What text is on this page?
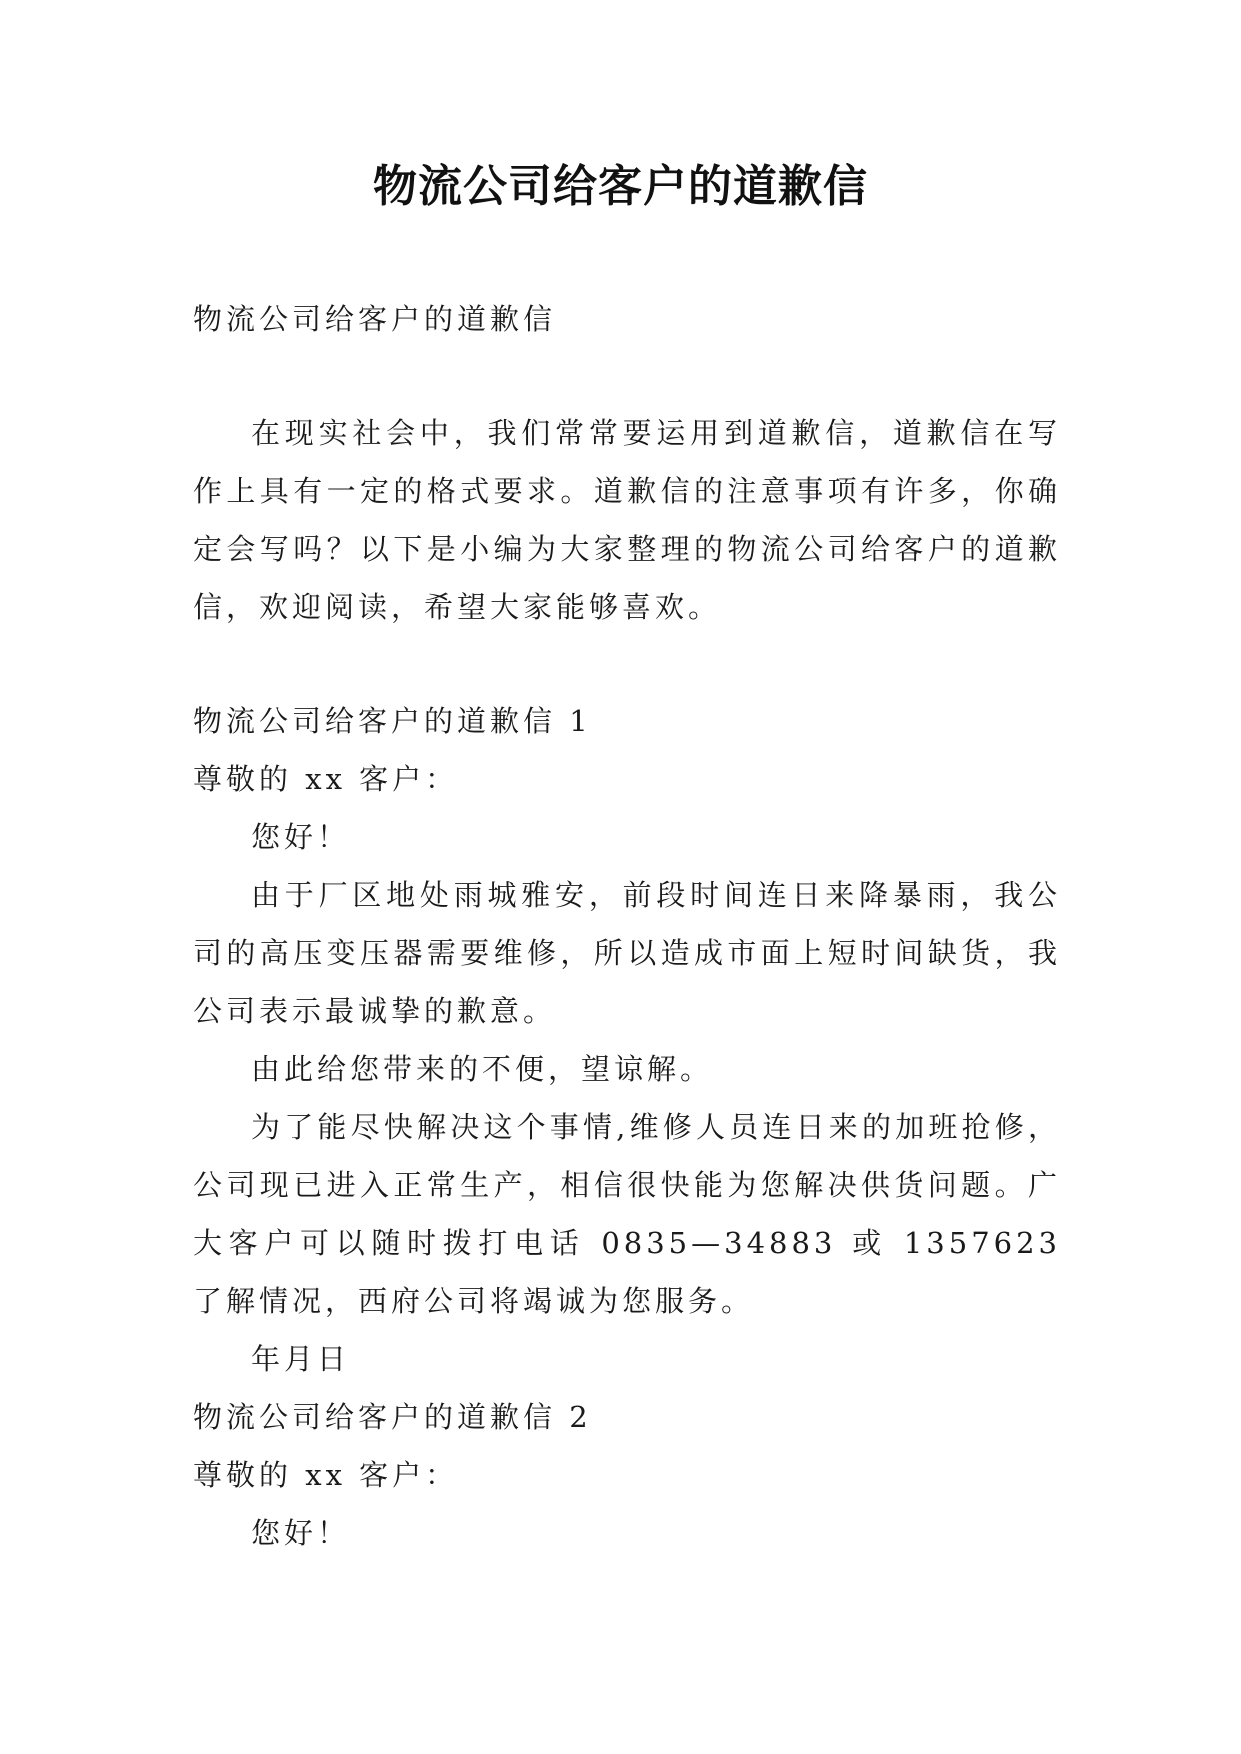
物流公司给客户的道歉信

物流公司给客户的道歉信

在现实社会中，我们常常要运用到道歉信，道歉信在写作上具有一定的格式要求。道歉信的注意事项有许多，你确定会写吗？以下是小编为大家整理的物流公司给客户的道歉信，欢迎阅读，希望大家能够喜欢。

物流公司给客户的道歉信 1

尊敬的 xx 客户：

您好！

由于厂区地处雨城雅安，前段时间连日来降暴雨，我公司的高压变压器需要维修，所以造成市面上短时间缺货，我公司表示最诚挚的歉意。

由此给您带来的不便，望谅解。

为了能尽快解决这个事情,维修人员连日来的加班抢修，公司现已进入正常生产，相信很快能为您解决供货问题。广大客户可以随时拨打电话 0835—34883 或 1357623 了解情况，西府公司将竭诚为您服务。

年月日

物流公司给客户的道歉信 2

尊敬的 xx 客户：

您好！
